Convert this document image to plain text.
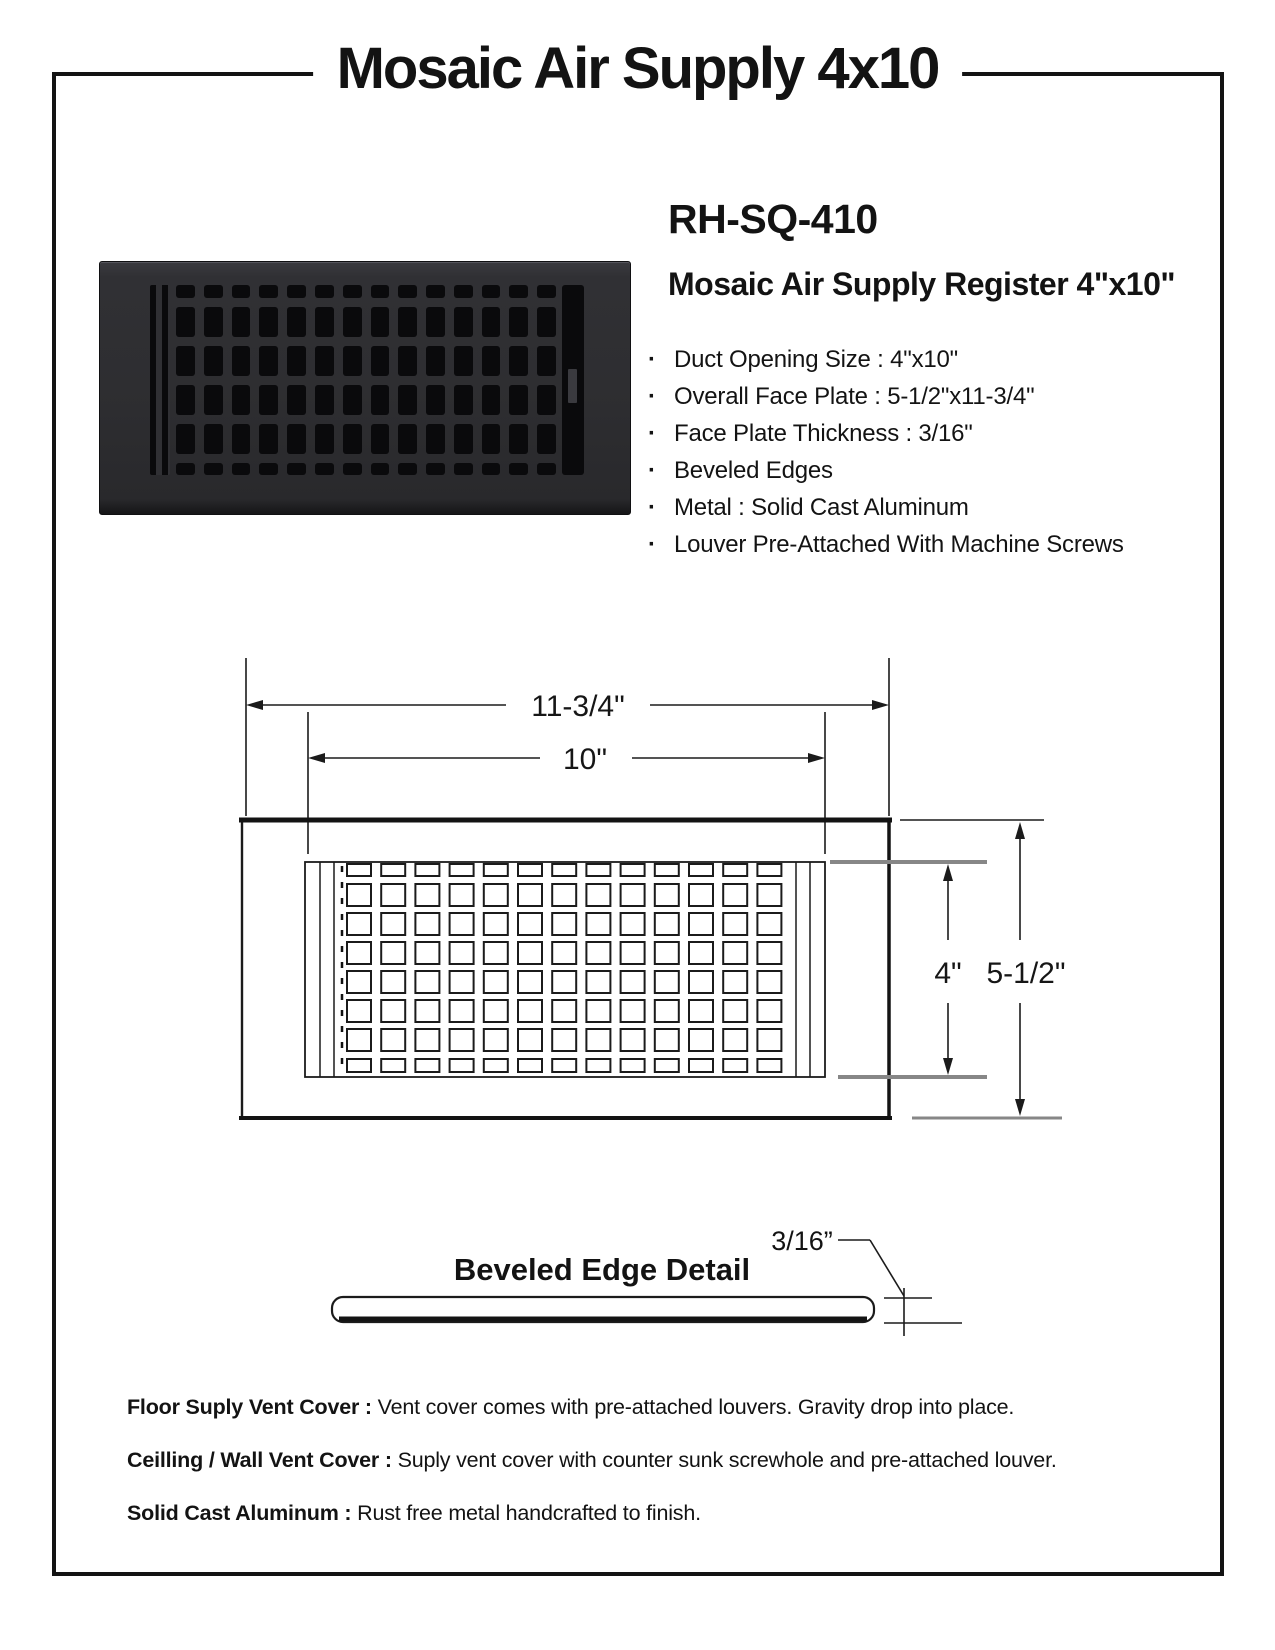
Mosaic Air Supply 4x10
RH-SQ-410
Mosaic Air Supply Register 4"x10"
· Duct Opening Size : 4"x10"
· Overall Face Plate : 5-1/2"x11-3/4"
· Face Plate Thickness : 3/16"
· Beveled Edges
· Metal : Solid Cast Aluminum
· Louver Pre-Attached With Machine Screws
11-3/4"
10"
4" 5-1/2"
Beveled Edge Detail
3/16”
Floor Suply Vent Cover : Vent cover comes with pre-attached louvers. Gravity drop into place.
Ceilling / Wall Vent Cover : Suply vent cover with counter sunk screwhole and pre-attached louver.
Solid Cast Aluminum : Rust free metal handcrafted to finish.
